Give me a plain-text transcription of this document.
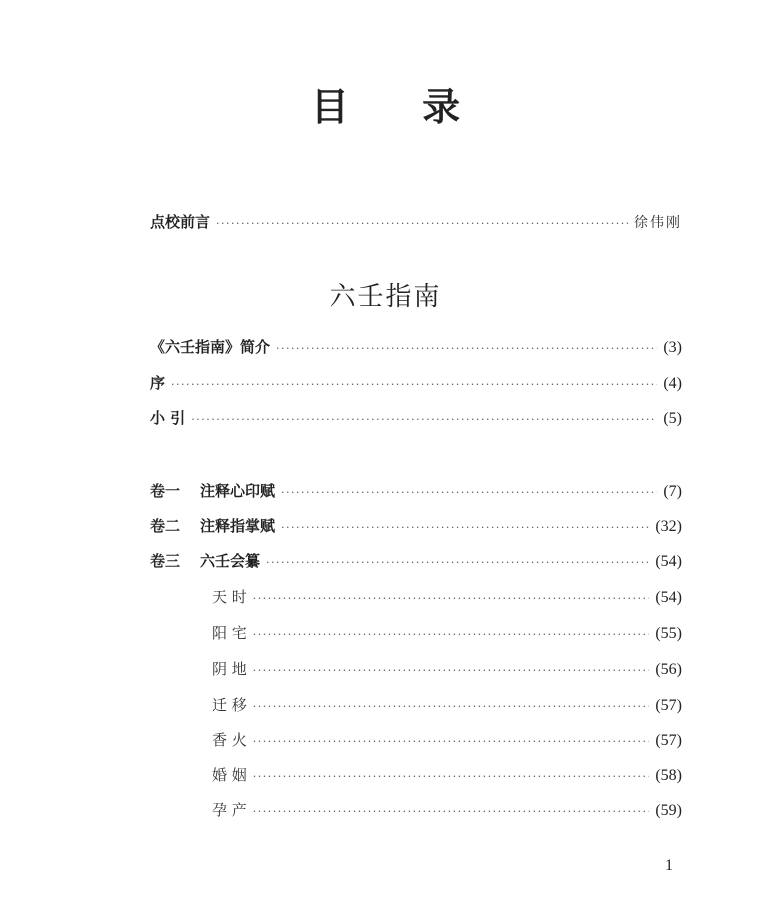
目 录
点校前言 ·····	徐伟刚
六壬指南
《六壬指南》简介 ·····	(3)
序 ·····	(4)
小 引 ·····	(5)
卷一 注释心印赋 ·····	(7)
卷二 注释指掌赋 ·····	(32)
卷三 六壬会纂 ·····	(54)
天 时 ·····	(54)
阳 宅 ·····	(55)
阴 地 ·····	(56)
迁 移 ·····	(57)
香 火 ·····	(57)
婚 姻 ·····	(58)
孕 产 ·····	(59)
1
